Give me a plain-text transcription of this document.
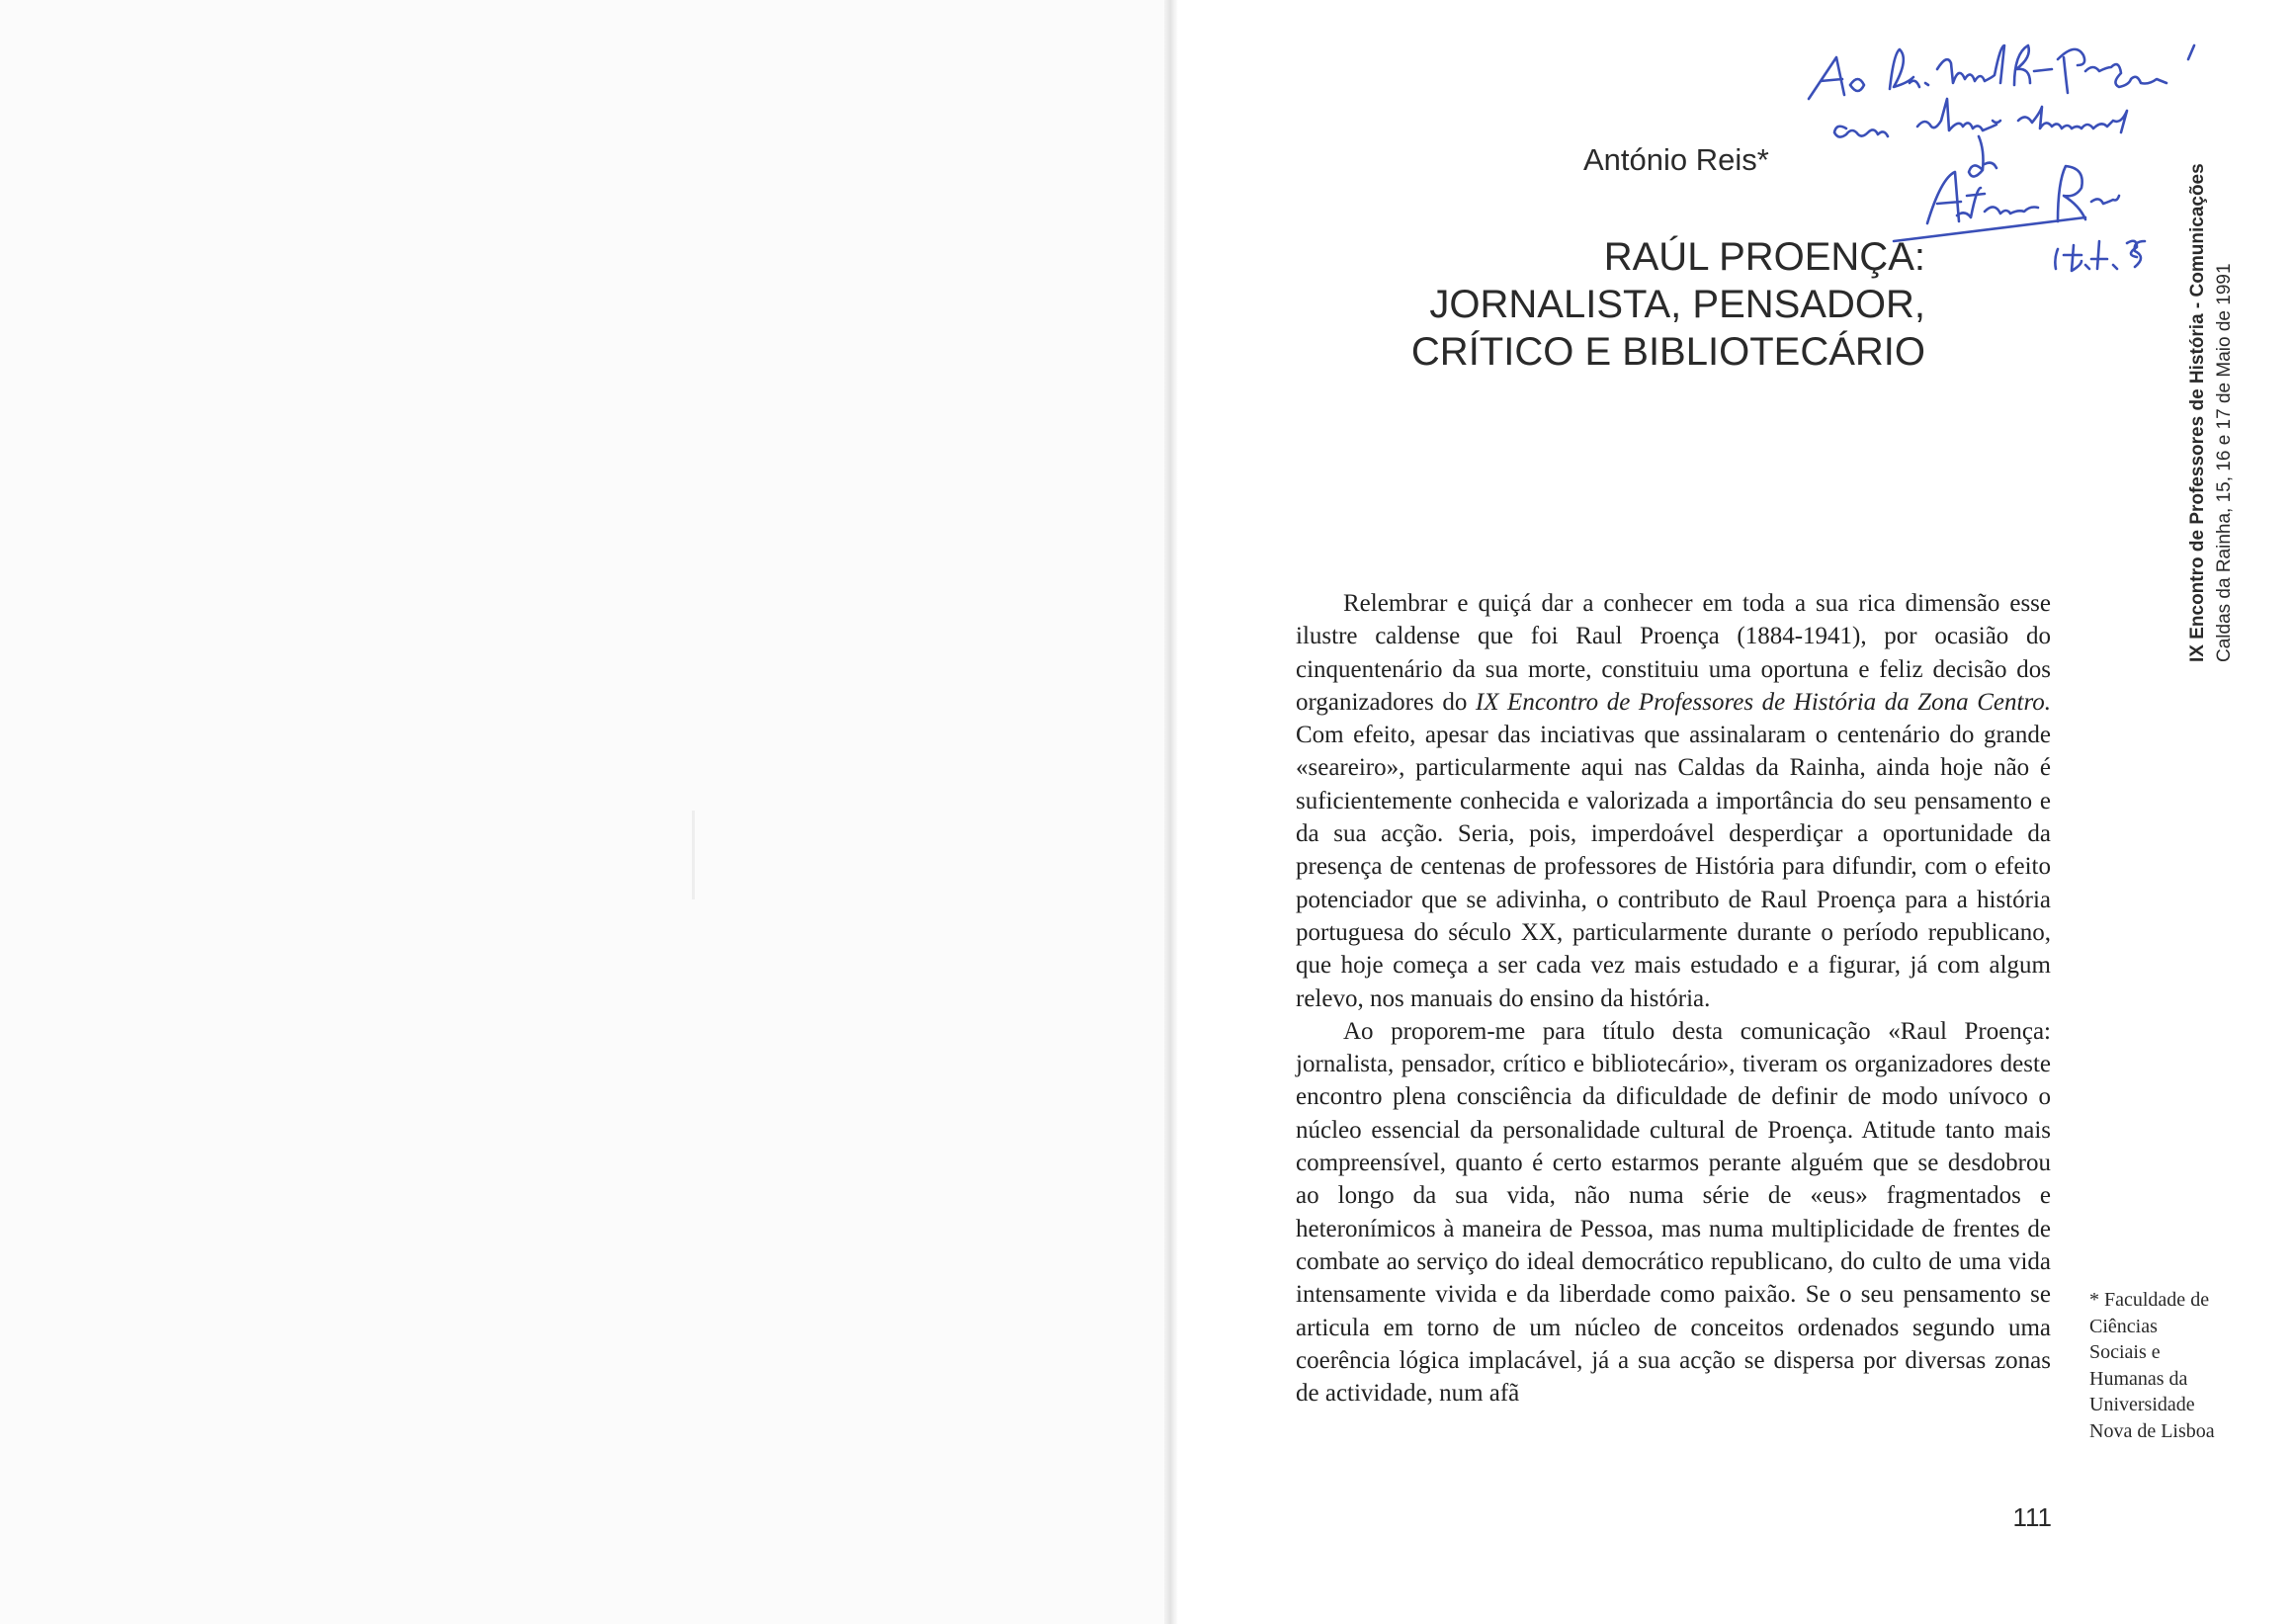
António Reis*
RAÚL PROENÇA:
JORNALISTA, PENSADOR,
CRÍTICO E BIBLIOTECÁRIO	IX Encontro de Professores de História - Comunicações Caldas da Rainha, 15, 16 e 17 de Maio de 1991

Relembrar e quiçá dar a conhecer em toda a sua rica dimensão esse ilustre caldense que foi Raul Proença (1884-1941), por ocasião do cinquentenário da sua morte, constituiu uma oportuna e feliz decisão dos organizadores do IX Encontro de Professores de História da Zona Centro. Com efeito, apesar das inciativas que assinalaram o centenário do grande «seareiro», particularmente aqui nas Caldas da Rainha, ainda hoje não é suficientemente conhecida e valorizada a importância do seu pensamento e da sua acção. Seria, pois, imperdoável desperdiçar a oportunidade da presença de centenas de professores de História para difundir, com o efeito potenciador que se adivinha, o contributo de Raul Proença para a história portuguesa do século XX, particularmente durante o período republicano, que hoje começa a ser cada vez mais estudado e a figurar, já com algum relevo, nos manuais do ensino da história.

Ao proporem-me para título desta comunicação «Raul Proença: jornalista, pensador, crítico e bibliotecário», tiveram os organizadores deste encontro plena consciência da dificuldade de definir de modo unívoco o núcleo essencial da personalidade cultural de Proença. Atitude tanto mais compreensível, quanto é certo estarmos perante alguém que se desdobrou ao longo da sua vida, não numa série de «eus» fragmentados e heteronímicos à maneira de Pessoa, mas numa multiplicidade de frentes de combate ao serviço do ideal democrático republicano, do culto de uma vida intensamente vivida e da liberdade como paixão. Se o seu pensamento se articula em torno de um núcleo de conceitos ordenados segundo uma coerência lógica implacável, já a sua acção se dispersa por diversas zonas de actividade, num afã

* Faculdade de
Ciências
Sociais e
Humanas da
Universidade
Nova de Lisboa
111
